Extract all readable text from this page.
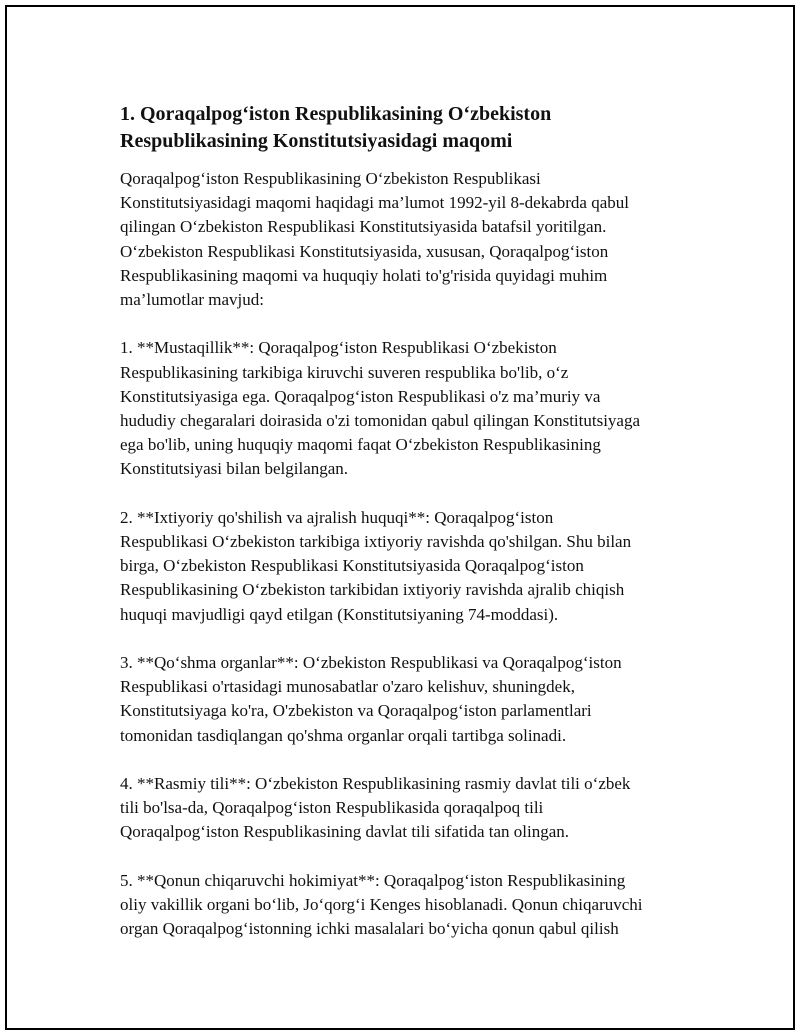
1. Qoraqalpog‘iston Respublikasining O‘zbekiston
Respublikasining Konstitutsiyasidagi maqomi

Qoraqalpog‘iston Respublikasining O‘zbekiston Respublikasi
Konstitutsiyasidagi maqomi haqidagi ma’lumot 1992-yil 8-dekabrda qabul
qilingan O‘zbekiston Respublikasi Konstitutsiyasida batafsil yoritilgan.
O‘zbekiston Respublikasi Konstitutsiyasida, xususan, Qoraqalpog‘iston
Respublikasining maqomi va huquqiy holati to'g'risida quyidagi muhim
ma’lumotlar mavjud:

1. **Mustaqillik**: Qoraqalpog‘iston Respublikasi O‘zbekiston
Respublikasining tarkibiga kiruvchi suveren respublika bo'lib, o‘z
Konstitutsiyasiga ega. Qoraqalpog‘iston Respublikasi o'z ma’muriy va
hududiy chegaralari doirasida o'zi tomonidan qabul qilingan Konstitutsiyaga
ega bo'lib, uning huquqiy maqomi faqat O‘zbekiston Respublikasining
Konstitutsiyasi bilan belgilangan.

2. **Ixtiyoriy qo'shilish va ajralish huquqi**: Qoraqalpog‘iston
Respublikasi O‘zbekiston tarkibiga ixtiyoriy ravishda qo'shilgan. Shu bilan
birga, O‘zbekiston Respublikasi Konstitutsiyasida Qoraqalpog‘iston
Respublikasining O‘zbekiston tarkibidan ixtiyoriy ravishda ajralib chiqish
huquqi mavjudligi qayd etilgan (Konstitutsiyaning 74-moddasi).

3. **Qo‘shma organlar**: O‘zbekiston Respublikasi va Qoraqalpog‘iston
Respublikasi o'rtasidagi munosabatlar o'zaro kelishuv, shuningdek,
Konstitutsiyaga ko'ra, O'zbekiston va Qoraqalpog‘iston parlamentlari
tomonidan tasdiqlangan qo'shma organlar orqali tartibga solinadi.

4. **Rasmiy tili**: O‘zbekiston Respublikasining rasmiy davlat tili o‘zbek
tili bo'lsa-da, Qoraqalpog‘iston Respublikasida qoraqalpoq tili
Qoraqalpog‘iston Respublikasining davlat tili sifatida tan olingan.

5. **Qonun chiqaruvchi hokimiyat**: Qoraqalpog‘iston Respublikasining
oliy vakillik organi bo‘lib, Jo‘qorg‘i Kenges hisoblanadi. Qonun chiqaruvchi
organ Qoraqalpog‘istonning ichki masalalari bo‘yicha qonun qabul qilish
